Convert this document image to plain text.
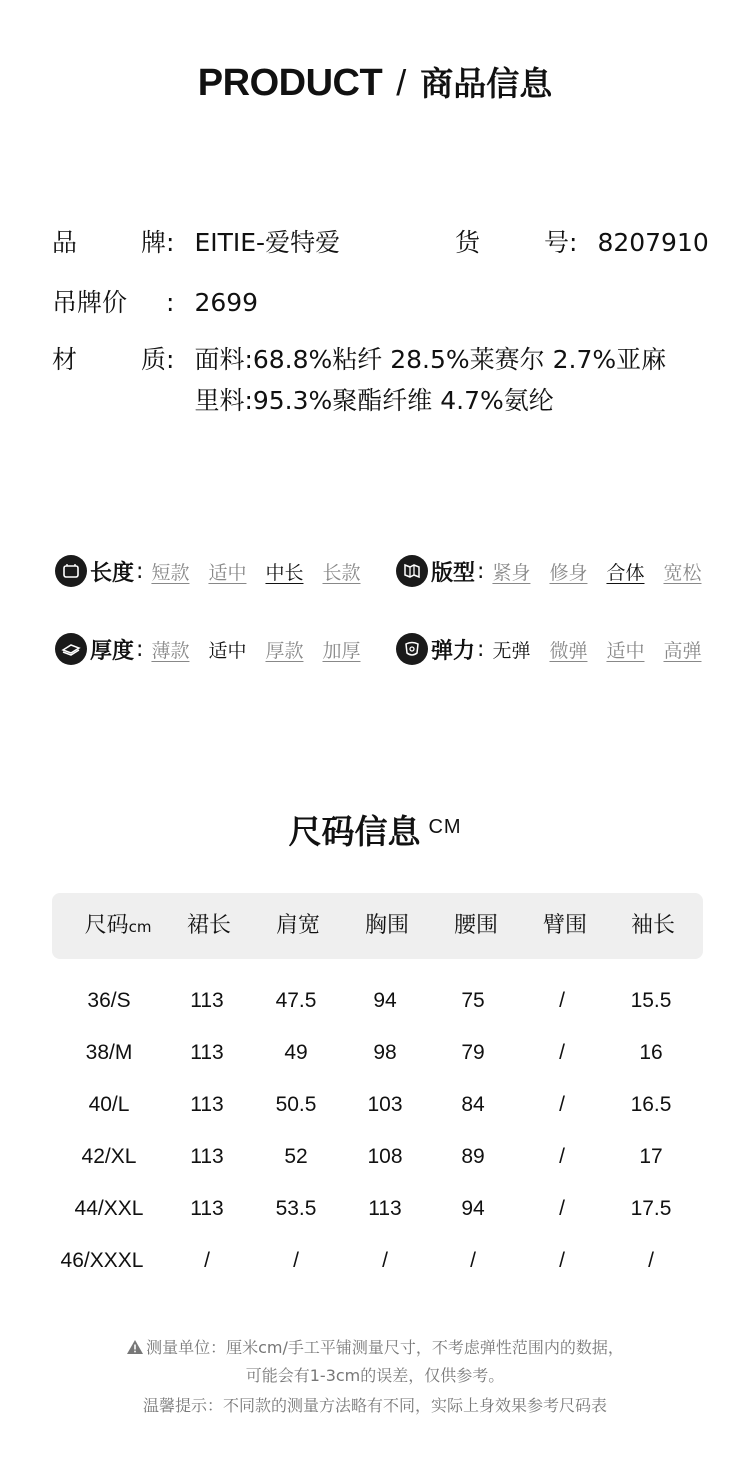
PRODUCT / 商品信息
品	牌 : EITIE-爱特爱	货	号 : 8207910
吊牌价 : 2699
材	质 : 面料:68.8%粘纤 28.5%莱赛尔 2.7%亚麻
里料:95.3%聚酯纤维 4.7%氨纶
长度 : 短款 适中 中长 长款	版型 : 紧身 修身 合体 宽松
厚度 : 薄款 适中 厚款 加厚	弹力 : 无弹 微弹 适中 高弹
尺码信息 CM
尺码cm	裙长	肩宽	胸围	腰围	臂围	袖长
36/S	113	47.5	94	75	/	15.5
38/M	113	49	98	79	/	16
40/L	113	50.5	103	84	/	16.5
42/XL	113	52	108	89	/	17
44/XXL	113	53.5	113	94	/	17.5
46/XXXL	/	/	/	/	/	/
测量单位：厘米cm/手工平铺测量尺寸，不考虑弹性范围内的数据，
可能会有1-3cm的误差，仅供参考。
温馨提示：不同款的测量方法略有不同，实际上身效果参考尺码表
